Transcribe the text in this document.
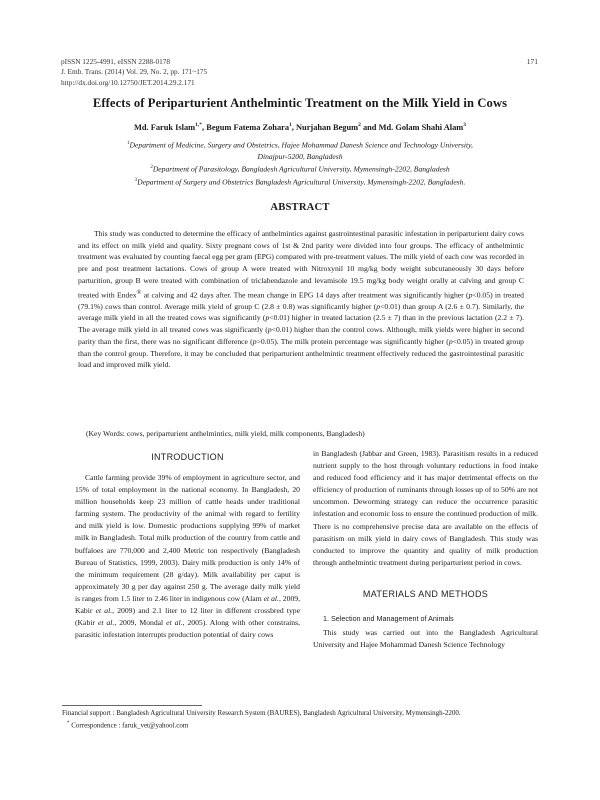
pISSN 1225-4991, eISSN 2288-0178
J. Emb. Trans. (2014) Vol. 29, No. 2, pp. 171~175
http://dx.doi.org/10.12750/JET.2014.29.2.171
171
Effects of Periparturient Anthelmintic Treatment on the Milk Yield in Cows
Md. Faruk Islam$^{1,*}$, Begum Fatema Zohara$^1$, Nurjahan Begum$^2$ and Md. Golam Shahi Alam$^3$
$^1$Department of Medicine, Surgery and Obstetrics, Hajee Mohammad Danesh Science and Technology University,
Dinajpur-5200, Bangladesh
$^2$Department of Parasitology, Bangladesh Agricultural University, Mymensingh-2202, Bangladesh
$^3$Department of Surgery and Obstetrics Bangladesh Agricultural University, Mymensingh-2202, Bangladesh.
ABSTRACT
This study was conducted to determine the efficacy of anthelmintics against gastrointestinal parasitic infestation in periparturient dairy cows and its effect on milk yield and quality. Sixty pregnant cows of 1st & 2nd parity were divided into four groups. The efficacy of anthelmintic treatment was evaluated by counting faecal egg per gram (EPG) compared with pre-treatment values. The milk yield of each cow was recorded in pre and post treatment lactations. Cows of group A were treated with Nitroxynil 10 mg/kg body weight subcutaneously 30 days before parturition, group B were treated with combination of triclabendazole and levamisole 19.5 mg/kg body weight orally at calving and group C treated with Endex® at calving and 42 days after. The mean change in EPG 14 days after treatment was significantly higher (p<0.05) in treated (79.1%) cows than control. Average milk yield of group C (2.8 ± 0.8) was significantly higher (p<0.01) than group A (2.6 ± 0.7). Similarly, the average milk yield in all the treated cows was significantly (p<0.01) higher in treated lactation (2.5 ± 7) than in the previous lactation (2.2 ± 7). The average milk yield in all treated cows was significantly (p<0.01) higher than the control cows. Although, milk yields were higher in second parity than the first, there was no significant difference (p>0.05). The milk protein percentage was significantly higher (p<0.05) in treated group than the control group. Therefore, it may be concluded that periparturient anthelmintic treatment effectively reduced the gastrointestinal parasitic load and improved milk yield.
(Key Words: cows, periparturient anthelmintics, milk yield, milk components, Bangladesh)
INTRODUCTION
Cattle farming provide 39% of employment in agriculture sector, and 15% of total employment in the national economy. In Bangladesh, 20 million households keep 23 million of cattle heads under traditional farming system. The productivity of the animal with regard to fertility and milk yield is low. Domestic productions supplying 99% of market milk in Bangladesh. Total milk production of the country from cattle and buffaloes are 770,000 and 2,400 Metric ton respectively (Bangladesh Bureau of Statistics, 1999, 2003). Dairy milk production is only 14% of the minimum requirement (28 g/day). Milk availability per caput is approximately 30 g per day against 250 g. The average daily milk yield is ranges from 1.5 liter to 2.46 liter in indigenous cow (Alam et al., 2009, Kabir et al., 2009) and 2.1 liter to 12 liter in different crossbred type (Kabir et al., 2009, Mondal et al., 2005). Along with other constrains, parasitic infestation interrupts production potential of dairy cows
in Bangladesh (Jabbar and Green, 1983). Parasitism results in a reduced nutrient supply to the host through voluntary reductions in food intake and reduced food efficiency and it has major detrimental effects on the efficiency of production of ruminants through losses up of to 50% are not uncommon. Deworming strategy can reduce the occurrence parasitic infestation and economic loss to ensure the continued production of milk. There is no comprehensive precise data are available on the effects of parasitism on milk yield in dairy cows of Bangladesh. This study was conducted to improve the quantity and quality of milk production through anthelmintic treatment during periparturient period in cows.
MATERIALS AND METHODS
1. Selection and Management of Animals
This study was carried out into the Bangladesh Agricultural University and Hajee Mohammad Danesh Science Technology
Financial support : Bangladesh Agricultural University Research System (BAURES), Bangladesh Agricultural University, Mymensingh-2200.
* Correspondence : faruk_vet@yahool.com
